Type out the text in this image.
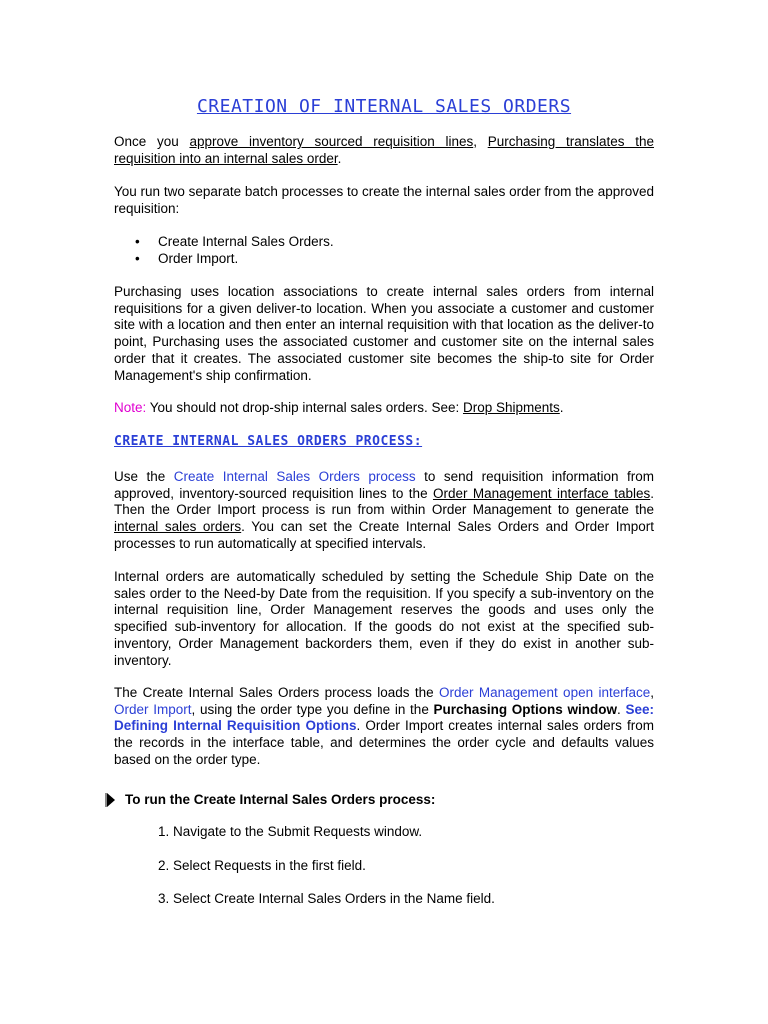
CREATION OF INTERNAL SALES ORDERS

Once you approve inventory sourced requisition lines, Purchasing translates the requisition into an internal sales order.

You run two separate batch processes to create the internal sales order from the approved requisition:

• Create Internal Sales Orders.
• Order Import.

Purchasing uses location associations to create internal sales orders from internal requisitions for a given deliver-to location. When you associate a customer and customer site with a location and then enter an internal requisition with that location as the deliver-to point, Purchasing uses the associated customer and customer site on the internal sales order that it creates. The associated customer site becomes the ship-to site for Order Management's ship confirmation.

Note: You should not drop-ship internal sales orders. See: Drop Shipments.

CREATE INTERNAL SALES ORDERS PROCESS:

Use the Create Internal Sales Orders process to send requisition information from approved, inventory-sourced requisition lines to the Order Management interface tables. Then the Order Import process is run from within Order Management to generate the internal sales orders. You can set the Create Internal Sales Orders and Order Import processes to run automatically at specified intervals.

Internal orders are automatically scheduled by setting the Schedule Ship Date on the sales order to the Need-by Date from the requisition. If you specify a sub-inventory on the internal requisition line, Order Management reserves the goods and uses only the specified sub-inventory for allocation. If the goods do not exist at the specified sub-inventory, Order Management backorders them, even if they do exist in another sub-inventory.

The Create Internal Sales Orders process loads the Order Management open interface, Order Import, using the order type you define in the Purchasing Options window. See: Defining Internal Requisition Options. Order Import creates internal sales orders from the records in the interface table, and determines the order cycle and defaults values based on the order type.

To run the Create Internal Sales Orders process:
1. Navigate to the Submit Requests window.
2. Select Requests in the first field.
3. Select Create Internal Sales Orders in the Name field.
